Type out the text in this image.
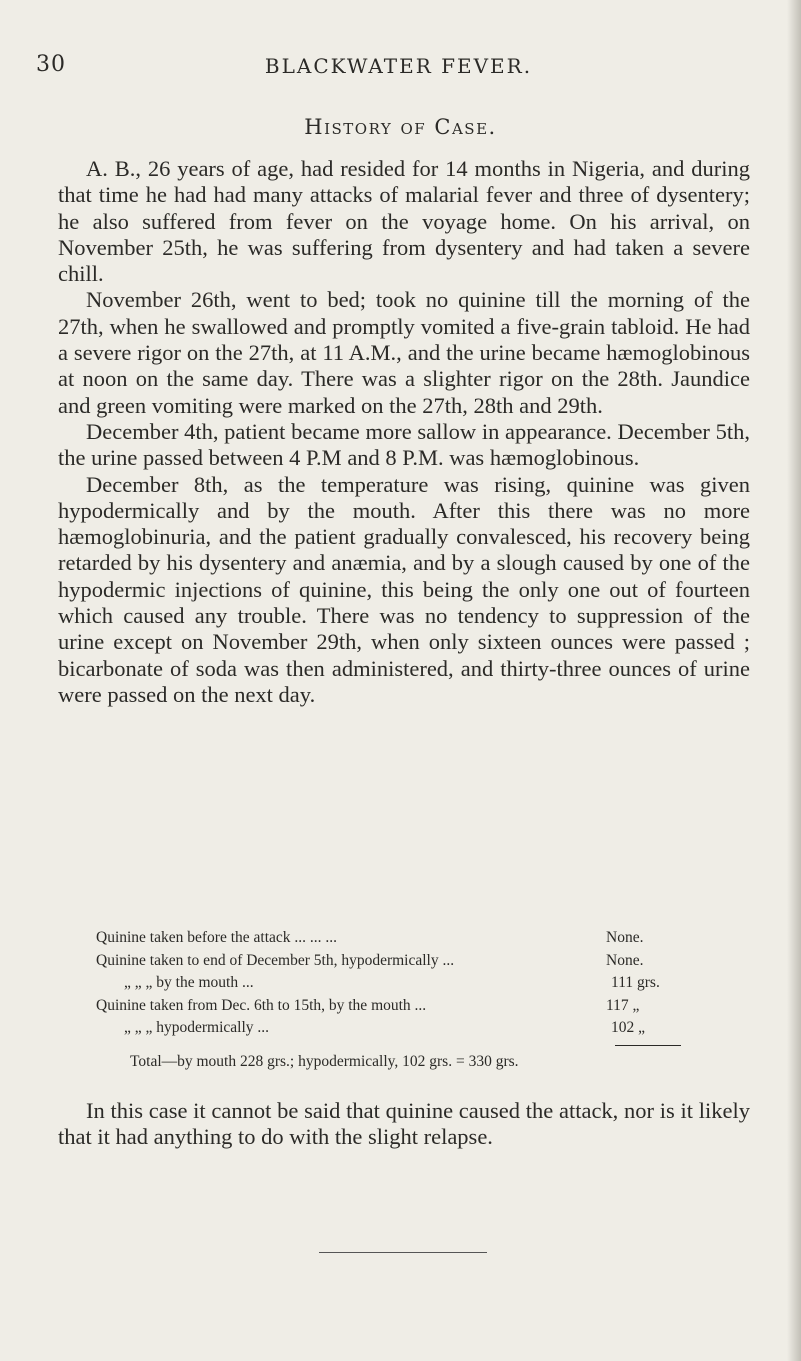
30	BLACKWATER FEVER.
History of Case.

A. B., 26 years of age, had resided for 14 months in Nigeria, and during that time he had had many attacks of malarial fever and three of dysentery; he also suffered from fever on the voyage home. On his arrival, on November 25th, he was suffering from dysentery and had taken a severe chill.

November 26th, went to bed; took no quinine till the morning of the 27th, when he swallowed and promptly vomited a five-grain tabloid. He had a severe rigor on the 27th, at 11 A.M., and the urine became hæmoglobinous at noon on the same day. There was a slighter rigor on the 28th. Jaundice and green vomiting were marked on the 27th, 28th and 29th.

December 4th, patient became more sallow in appearance. December 5th, the urine passed between 4 P.M and 8 P.M. was hæmoglobinous.

December 8th, as the temperature was rising, quinine was given hypodermically and by the mouth. After this there was no more hæmoglobinuria, and the patient gradually convalesced, his recovery being retarded by his dysentery and anæmia, and by a slough caused by one of the hypodermic injections of quinine, this being the only one out of fourteen which caused any trouble. There was no tendency to suppression of the urine except on November 29th, when only sixteen ounces were passed ; bicarbonate of soda was then administered, and thirty-three ounces of urine were passed on the next day.

Quinine taken before the attack ... ... ...	None.
Quinine taken to end of December 5th, hypodermically ...	None.
„ „ „ by the mouth ...	111 grs.
Quinine taken from Dec. 6th to 15th, by the mouth ...	117 „
„ „ „ hypodermically ...	102 „
Total—by mouth 228 grs.; hypodermically, 102 grs. = 330 grs.

In this case it cannot be said that quinine caused the attack, nor is it likely that it had anything to do with the slight relapse.
